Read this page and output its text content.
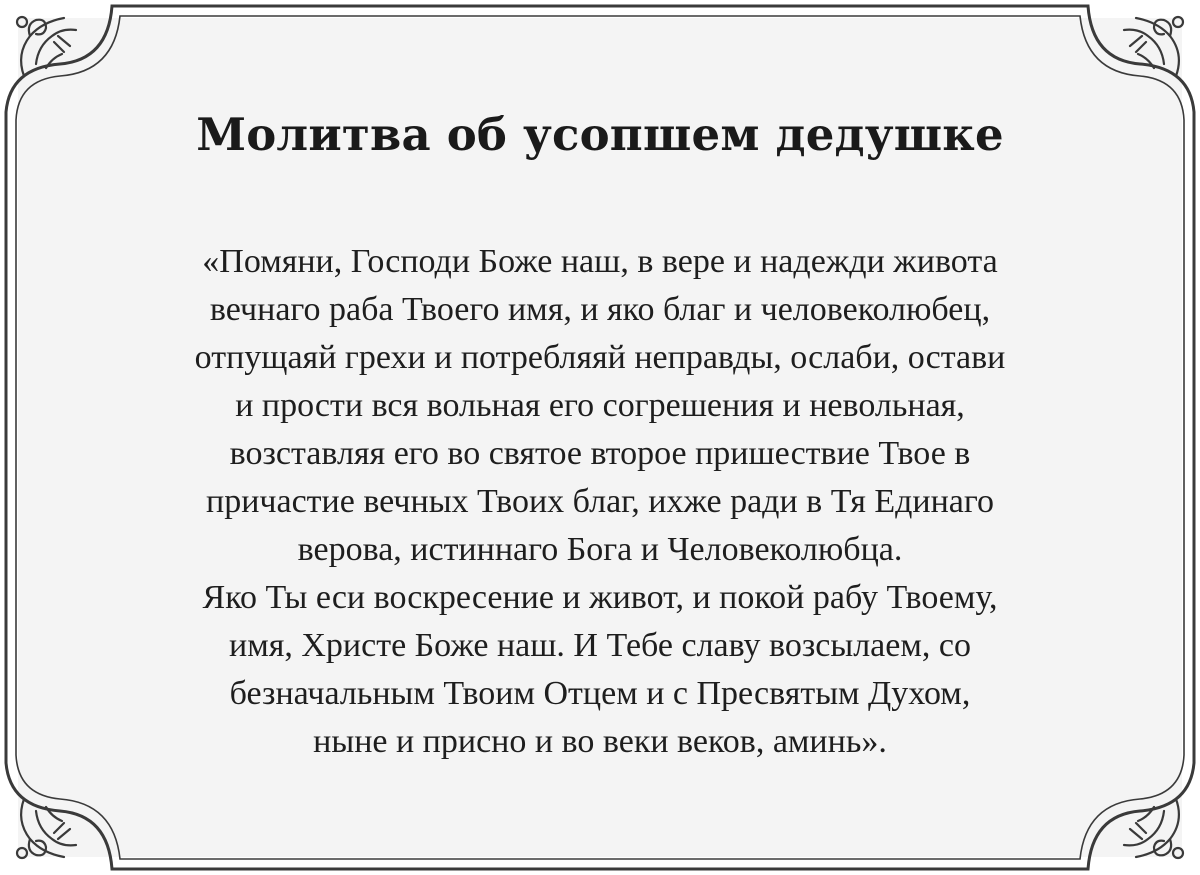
Молитва об усопшем дедушке
«Помяни, Господи Боже наш, в вере и надежди живота
вечнаго раба Твоего имя, и яко благ и человеколюбец,
отпущаяй грехи и потребляяй неправды, ослаби, остави
и прости вся вольная его согрешения и невольная,
возставляя его во святое второе пришествие Твое в
причастие вечных Твоих благ, ихже ради в Тя Единаго
верова, истиннаго Бога и Человеколюбца.
Яко Ты еси воскресение и живот, и покой рабу Твоему,
имя, Христе Боже наш. И Тебе славу возсылаем, со
безначальным Твоим Отцем и с Пресвятым Духом,
ныне и присно и во веки веков, аминь».
